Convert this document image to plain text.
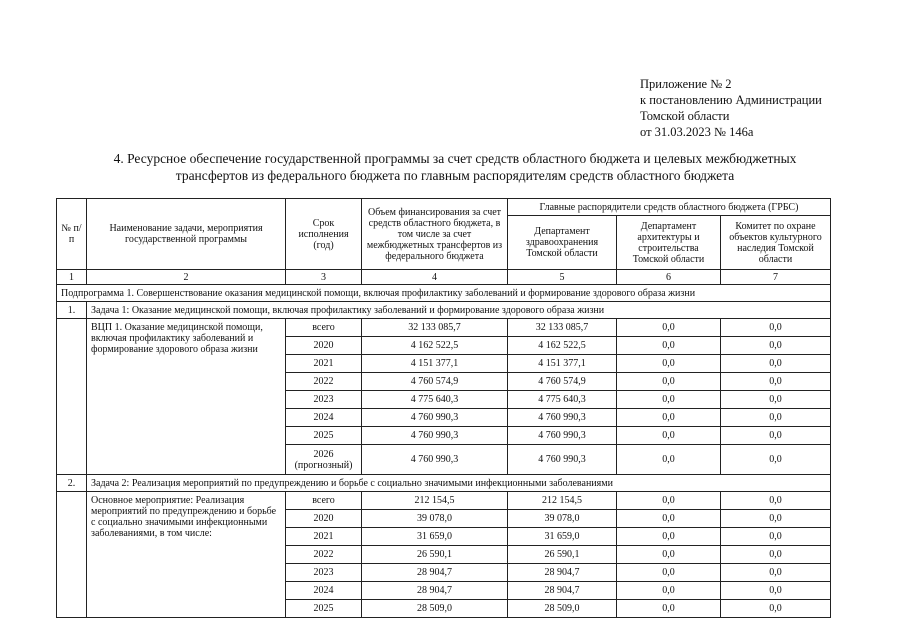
Приложение № 2
к постановлению Администрации
Томской области
от 31.03.2023 № 146а
4. Ресурсное обеспечение государственной программы за счет средств областного бюджета и целевых межбюджетных
трансфертов из федерального бюджета по главным распорядителям средств областного бюджета
№ п/п	Наименование задачи, мероприятия государственной программы	Срок исполнения (год)	Объем финансирования за счет средств областного бюджета, в том числе за счет межбюджетных трансфертов из федерального бюджета	Главные распорядители средств областного бюджета (ГРБС)		
				Департамент здравоохранения Томской области	Департамент архитектуры и строительства Томской области	Комитет по охране объектов культурного наследия Томской области
1	2	3	4	5	6	7
Подпрограмма 1. Совершенствование оказания медицинской помощи, включая профилактику заболеваний и формирование здорового образа жизни						
1.	Задача 1: Оказание медицинской помощи, включая профилактику заболеваний и формирование здорового образа жизни					
	ВЦП 1. Оказание медицинской помощи, включая профилактику заболеваний и формирование здорового образа жизни	всего	32 133 085,7	32 133 085,7	0,0	0,0
		2020	4 162 522,5	4 162 522,5	0,0	0,0
		2021	4 151 377,1	4 151 377,1	0,0	0,0
		2022	4 760 574,9	4 760 574,9	0,0	0,0
		2023	4 775 640,3	4 775 640,3	0,0	0,0
		2024	4 760 990,3	4 760 990,3	0,0	0,0
		2025	4 760 990,3	4 760 990,3	0,0	0,0
		2026 (прогнозный)	4 760 990,3	4 760 990,3	0,0	0,0
2.	Задача 2: Реализация мероприятий по предупреждению и борьбе с социально значимыми инфекционными заболеваниями					
	Основное мероприятие: Реализация мероприятий по предупреждению и борьбе с социально значимыми инфекционными заболеваниями, в том числе:	всего	212 154,5	212 154,5	0,0	0,0
		2020	39 078,0	39 078,0	0,0	0,0
		2021	31 659,0	31 659,0	0,0	0,0
		2022	26 590,1	26 590,1	0,0	0,0
		2023	28 904,7	28 904,7	0,0	0,0
		2024	28 904,7	28 904,7	0,0	0,0
		2025	28 509,0	28 509,0	0,0	0,0
